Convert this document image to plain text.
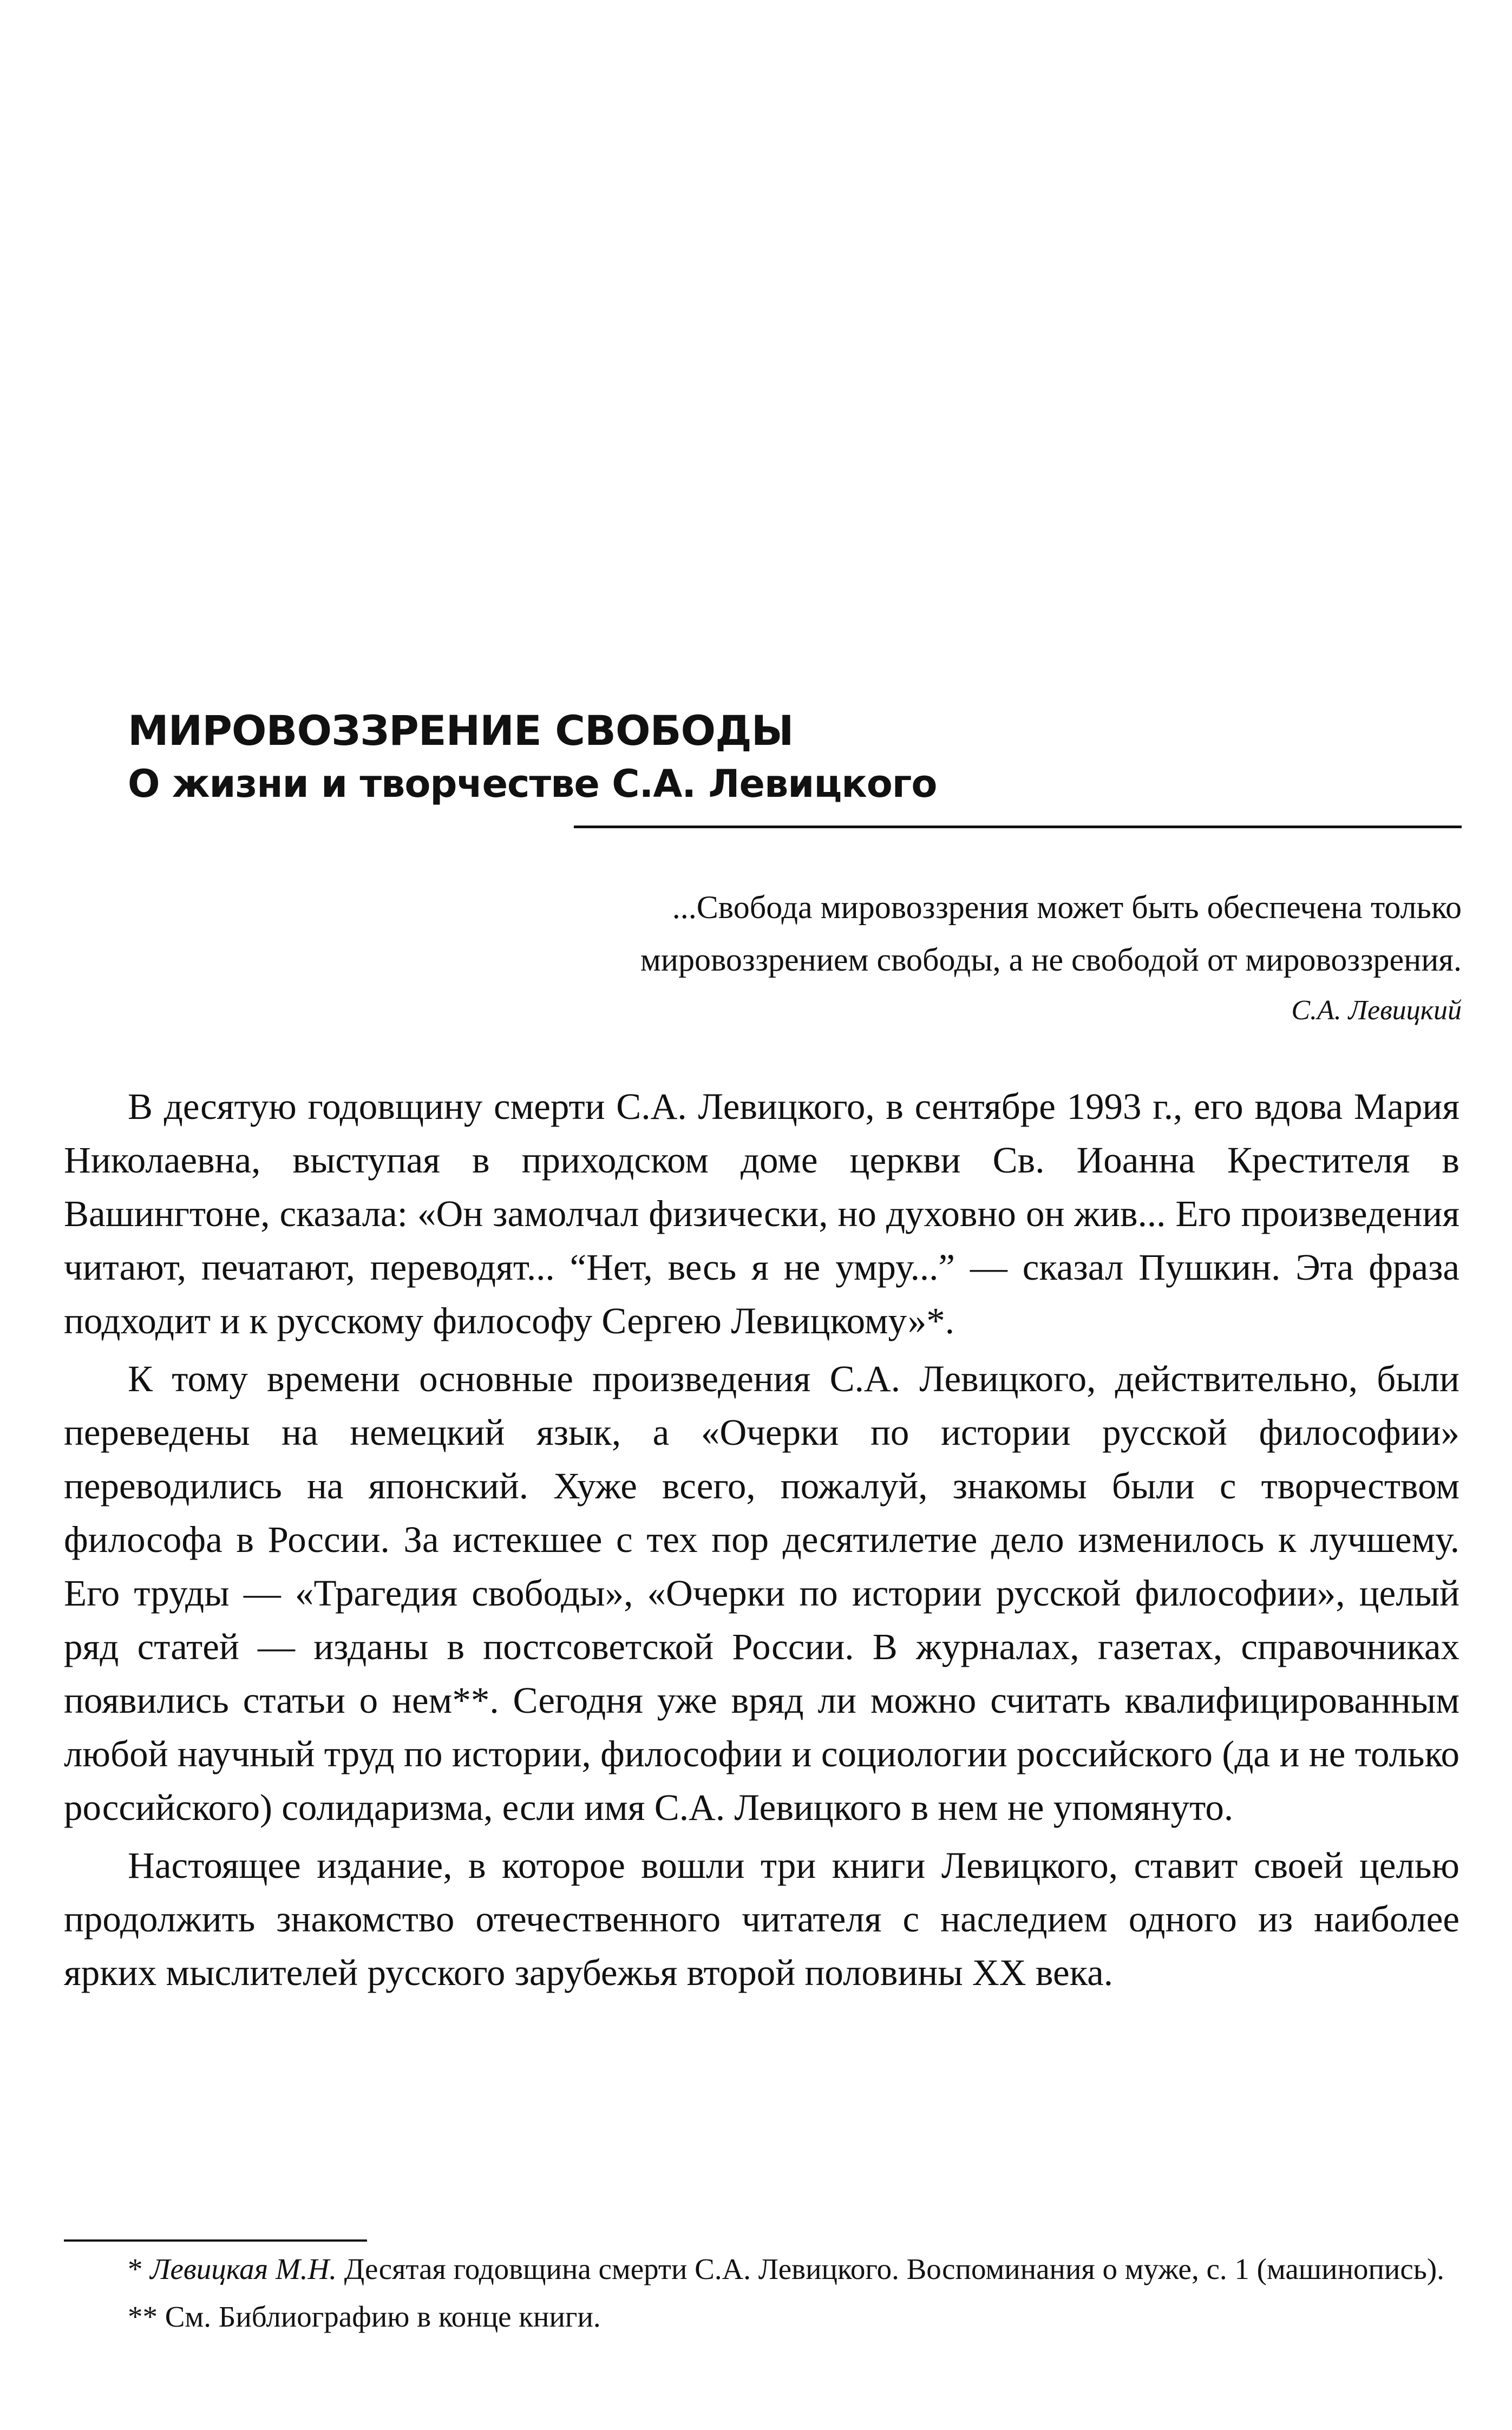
МИРОВОЗЗРЕНИЕ СВОБОДЫ
О жизни и творчестве С.А. Левицкого
...Свобода мировоззрения может быть обеспечена только
мировоззрением свободы, а не свободой от мировоззрения.
С.А. Левицкий

В десятую годовщину смерти С.А. Левицкого, в сентябре 1993 г., его вдова Мария Николаевна, выступая в приходском доме церкви Св. Иоанна Крестителя в Вашингтоне, сказала: «Он замолчал физически, но духовно он жив... Его произведения читают, печатают, переводят... “Нет, весь я не умру...” — сказал Пушкин. Эта фраза подходит и к русскому философу Сергею Левицкому»*.

К тому времени основные произведения С.А. Левицкого, действительно, были переведены на немецкий язык, а «Очерки по истории русской философии» переводились на японский. Хуже всего, пожалуй, знакомы были с творчеством философа в России. За истекшее с тех пор десятилетие дело изменилось к лучшему. Его труды — «Трагедия свободы», «Очерки по истории русской философии», целый ряд статей — изданы в постсоветской России. В журналах, газетах, справочниках появились статьи о нем**. Сегодня уже вряд ли можно считать квалифицированным любой научный труд по истории, философии и социологии российского (да и не только российского) солидаризма, если имя С.А. Левицкого в нем не упомянуто.

Настоящее издание, в которое вошли три книги Левицкого, ставит своей целью продолжить знакомство отечественного читателя с наследием одного из наиболее ярких мыслителей русского зарубежья второй половины XX века.

* Левицкая М.Н. Десятая годовщина смерти С.А. Левицкого. Воспоминания о муже, с. 1 (машинопись).

** См. Библиографию в конце книги.
